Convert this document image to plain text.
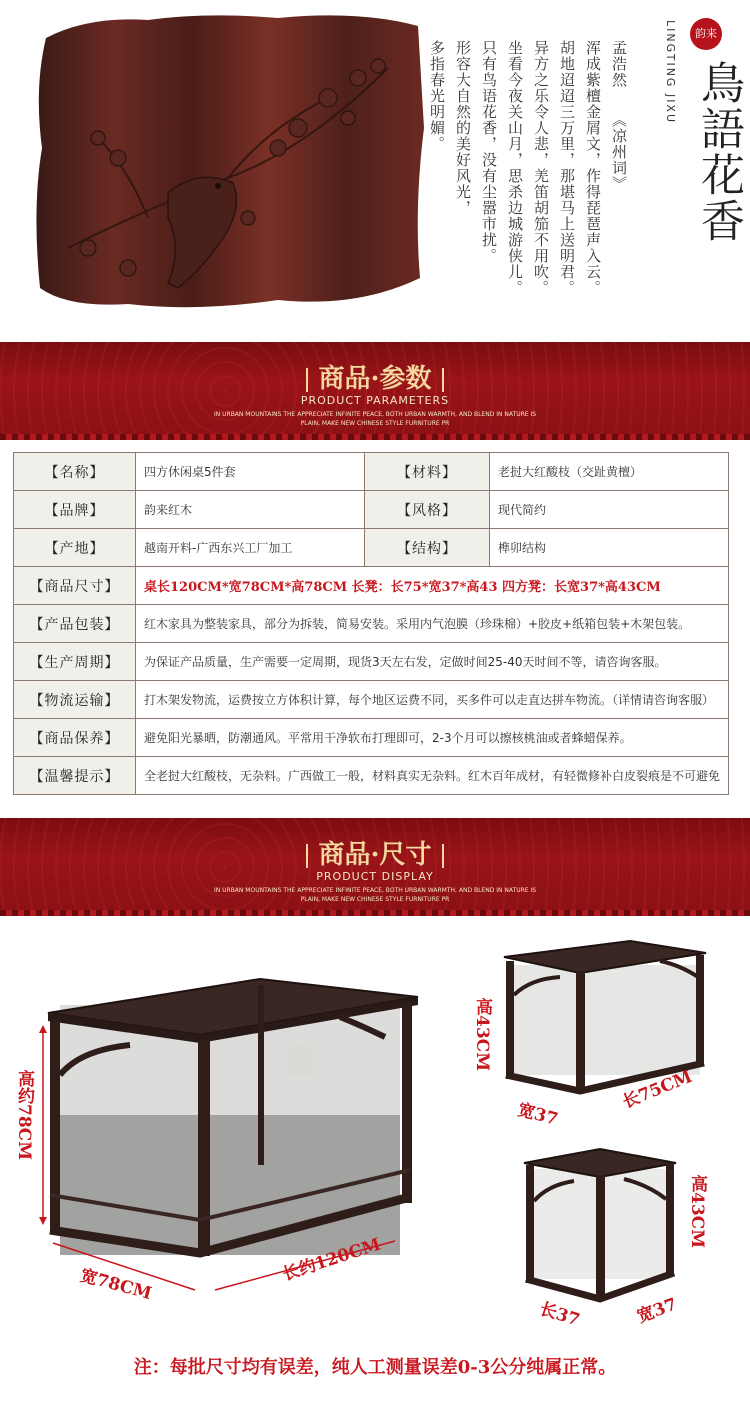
孟浩然
《凉州词》
浑成紫檀金屑文，作得琵琶声入云。
胡地迢迢三万里，那堪马上送明君。
异方之乐令人悲，羌笛胡笳不用吹。
坐看今夜关山月，思杀边城游侠儿。
只有鸟语花香，没有尘嚣市扰。
形容大自然的美好风光，
多指春光明媚。
韵来
LINGTING JIXU 鳥語花香
商品·参数
PRODUCT PARAMETERS
IN URBAN MOUNTAINS THE APPRECIATE INFINITE PEACE, BOTH URBAN WARMTH, AND BLEND IN NATURE IS
PLAIN, MAKE NEW CHINESE STYLE FURNITURE PR
【名称】	四方休闲桌5件套	【材料】	老挝大红酸枝（交趾黄檀）
【品牌】	韵来红木	【风格】	现代简约
【产地】	越南开料-广西东兴工厂加工	【结构】	榫卯结构
【商品尺寸】	桌长120CM*宽78CM*高78CM 长凳：长75*宽37*高43 四方凳：长宽37*高43CM		
【产品包装】	红木家具为整装家具，部分为拆装，简易安装。采用内气泡膜（珍珠棉）+胶皮+纸箱包装+木架包装。		
【生产周期】	为保证产品质量，生产需要一定周期，现货3天左右发，定做时间25-40天时间不等，请咨询客服。		
【物流运输】	打木架发物流，运费按立方体积计算，每个地区运费不同，买多件可以走直达拼车物流。（详情请咨询客服）		
【商品保养】	避免阳光暴晒，防潮通风。平常用干净软布打理即可，2-3个月可以擦核桃油或者蜂蜡保养。		
【温馨提示】	全老挝大红酸枝，无杂料。广西做工一般，材料真实无杂料。红木百年成材，有轻微修补白皮裂痕是不可避免		
商品·尺寸
PRODUCT DISPLAY
IN URBAN MOUNTAINS THE APPRECIATE INFINITE PEACE, BOTH URBAN WARMTH, AND BLEND IN NATURE IS
PLAIN, MAKE NEW CHINESE STYLE FURNITURE PR
高约78CM
宽78CM	长约120CM
高43CM
宽37
长75CM
高43CM
长37	宽37
注：每批尺寸均有误差，纯人工测量误差0-3公分纯属正常。
